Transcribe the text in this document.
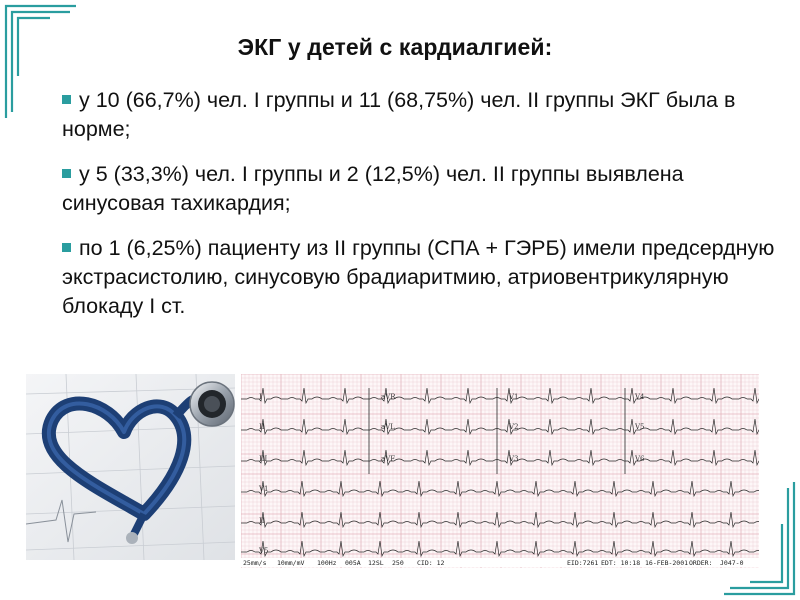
ЭКГ у детей с кардиалгией:
у 10 (66,7%) чел. I группы и 11 (68,75%) чел. II группы ЭКГ была в норме;
у 5 (33,3%) чел. I группы и 2 (12,5%) чел. II группы выявлена синусовая тахикардия;
по 1 (6,25%) пациенту из II группы (СПА + ГЭРБ) имели предсердную экстрасистолию, синусовую брадиаритмию, атриовентрикулярную блокаду I ст.
I	aVR	V1	V4
II	aVL	V2	V5
III	aVF	V3	V6
V1
II
V5
25mm/s 10mm/mV 100Hz 005A 12SL 250 CID: 12	EID:7261 EDT: 10:18 16-FEB-2001 ORDER: J047-0
